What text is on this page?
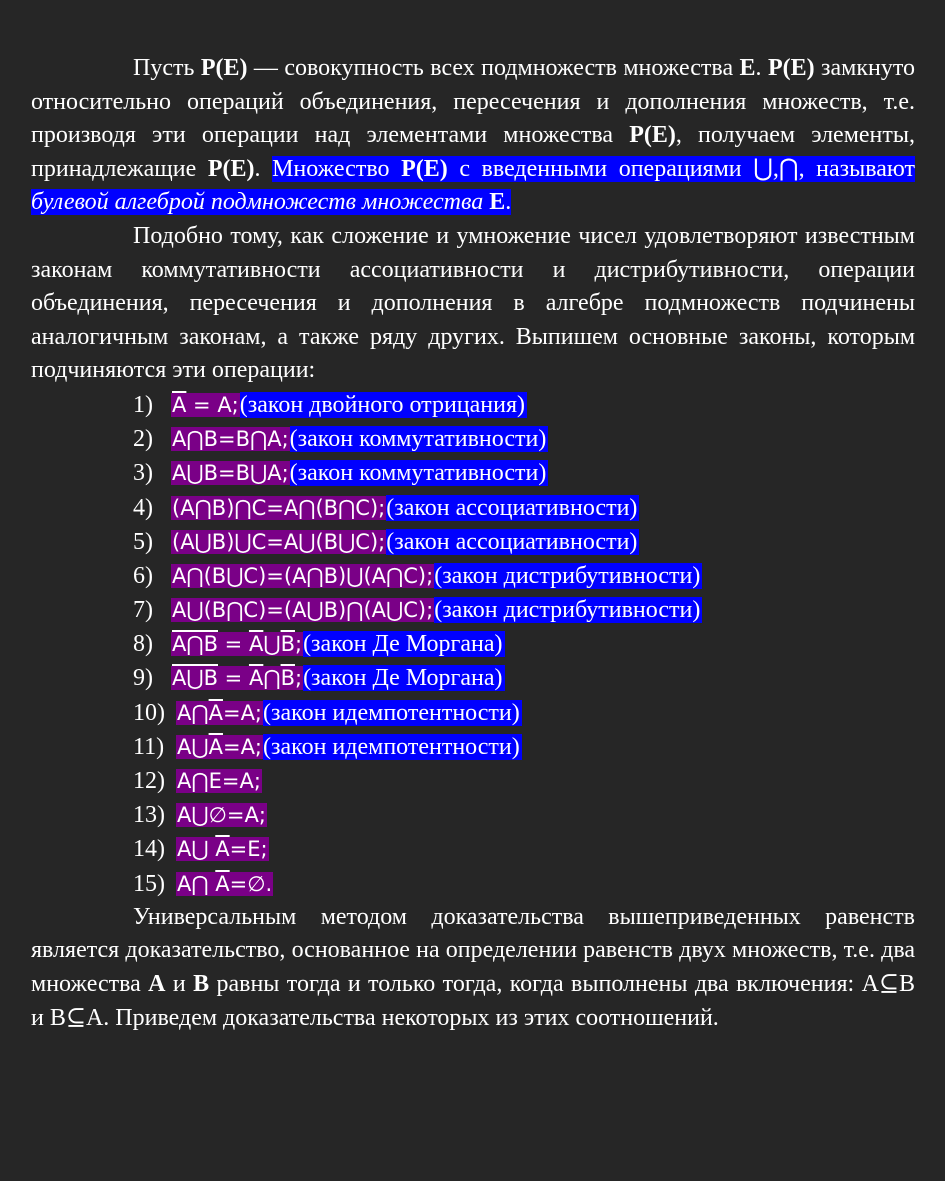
Пусть P(E) — совокупность всех подмножеств множества E. P(E) замкнуто относительно операций объединения, пересечения и дополнения множеств, т.е. производя эти операции над элементами множества P(E), получаем элементы, принадлежащие P(E). Множество P(E) с введенными операциями ⋃,⋂, называют булевой алгеброй подмножеств множества E.

Подобно тому, как сложение и умножение чисел удовлетворяют известным законам коммутативности ассоциативности и дистрибутивности, операции объединения, пересечения и дополнения в алгебре подмножеств подчинены аналогичным законам, а также ряду других. Выпишем основные законы, которым подчиняются эти операции:

1) $\overline{A}$ = A;(закон двойного отрицания)
2) A⋂B=B⋂A;(закон коммутативности)
3) A⋃B=B⋃A;(закон коммутативности)
4) (A⋂B)⋂C=A⋂(B⋂C);(закон ассоциативности)
5) (A⋃B)⋃C=A⋃(B⋃C);(закон ассоциативности)
6) A⋂(B⋃C)=(A⋂B)⋃(A⋂C);(закон дистрибутивности)
7) A⋃(B⋂C)=(A⋃B)⋂(A⋃C);(закон дистрибутивности)
8) A⋂B = $\overline{A}⋃\overline{B};(закон$ Де Моргана)
9) A⋃B = $\overline{A}⋂\overline{B};(закон$ Де Моргана)
10) $A⋂\overline{A}=A;(закон$ идемпотентности)
11) $A⋃\overline{A}=A;(закон$ идемпотентности)
12) A⋂E=A;
13) A⋃∅=A;
14) A⋃ $\overline{A}=E$;
15) A⋂ $\overline{A}=\emptyset$.

Универсальным методом доказательства вышеприведенных равенств является доказательство, основанное на определении равенств двух множеств, т.е. два множества A и B равны тогда и только тогда, когда выполнены два включения: A⊆B и B⊆A. Приведем доказательства некоторых из этих соотношений.
